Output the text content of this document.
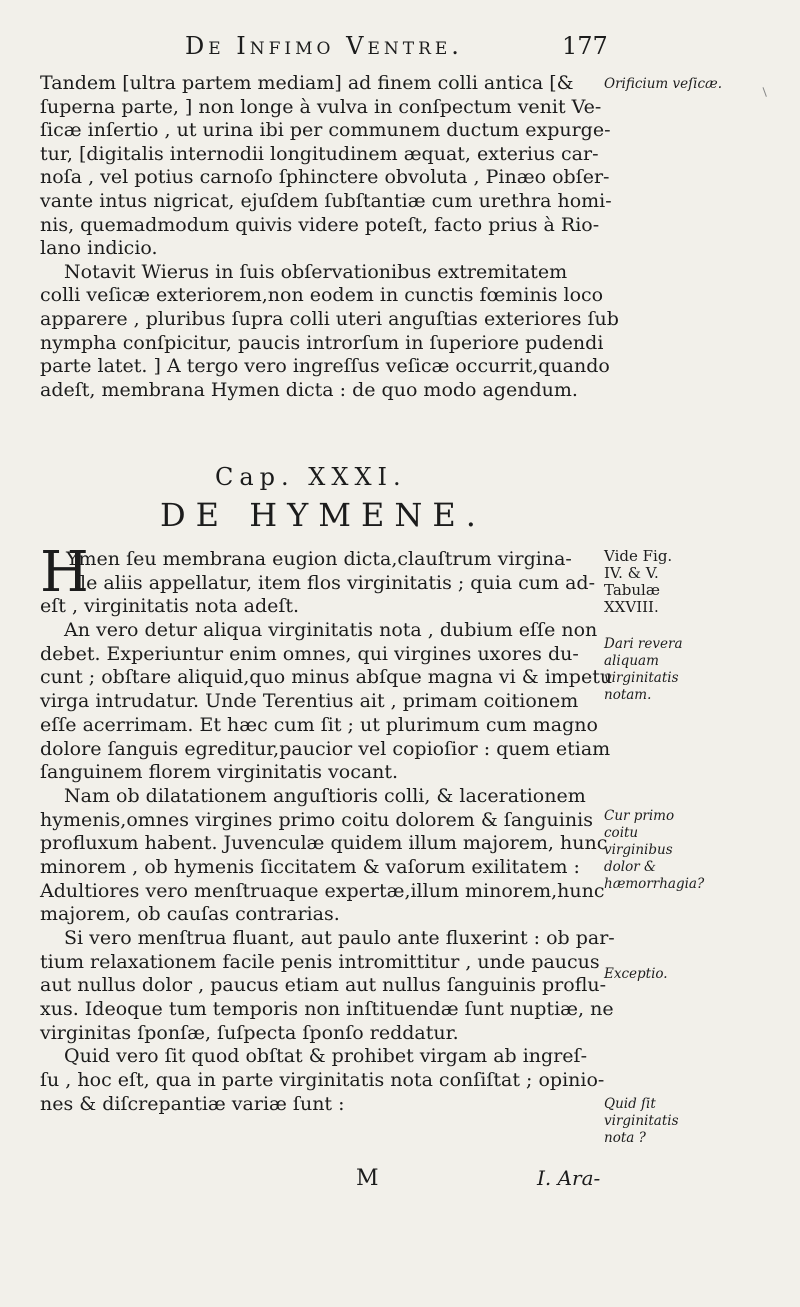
De Infimo Ventre.	177
Tandem [ultra partem mediam] ad finem colli antica [&
ſuperna parte, ] non longe à vulva in conſpectum venit Ve-
ſicæ inſertio , ut urina ibi per communem ductum expurge-
tur, [digitalis internodii longitudinem æquat, exterius car-
noſa , vel potius carnoſo ſphinctere obvoluta , Pinæo obſer-
vante intus nigricat, ejuſdem ſubſtantiæ cum urethra homi-
nis, quemadmodum quivis videre poteſt, facto prius à Rio-
lano indicio.
Notavit Wierus in ſuis obſervationibus extremitatem
colli veſicæ exteriorem,non eodem in cunctis fœminis loco
apparere , pluribus ſupra colli uteri anguſtias exteriores ſub
nympha conſpicitur, paucis introrſum in ſuperiore pudendi
parte latet. ] A tergo vero ingreſſus veſicæ occurrit,quando
adeſt, membrana Hymen dicta : de quo modo agendum.
Cap. XXXI.
DE HYMENE.
H
Ymen ſeu membrana eugion dicta,clauſtrum virgina-
le aliis appellatur, item flos virginitatis ; quia cum ad-
eſt , virginitatis nota adeſt.
An vero detur aliqua virginitatis nota , dubium eſſe non
debet. Experiuntur enim omnes, qui virgines uxores du-
cunt ; obſtare aliquid,quo minus abſque magna vi & impetu
virga intrudatur. Unde Terentius ait , primam coitionem
eſſe acerrimam. Et hæc cum ſit ; ut plurimum cum magno
dolore ſanguis egreditur,paucior vel copioſior : quem etiam
ſanguinem florem virginitatis vocant.
Nam ob dilatationem anguſtioris colli, & lacerationem
hymenis,omnes virgines primo coitu dolorem & ſanguinis
profluxum habent. Juvenculæ quidem illum majorem, hunc
minorem , ob hymenis ſiccitatem & vaſorum exilitatem :
Adultiores vero menſtruaque expertæ,illum minorem,hunc
majorem, ob cauſas contrarias.
Si vero menſtrua fluant, aut paulo ante fluxerint : ob par-
tium relaxationem facile penis intromittitur , unde paucus
aut nullus dolor , paucus etiam aut nullus ſanguinis proflu-
xus. Ideoque tum temporis non inſtituendæ ſunt nuptiæ, ne
virginitas ſponſæ, ſuſpecta ſponſo reddatur.
Quid vero ſit quod obſtat & prohibet virgam ab ingreſ-
ſu , hoc eſt, qua in parte virginitatis nota conſiſtat ; opinio-
nes & diſcrepantiæ variæ ſunt :
Orificium veſicæ.
Vide Fig. IV. & V. Tabulæ XXVIII.
Dari revera aliquam virginitatis notam.
Cur primo coitu virginibus dolor & hæmorrhagia?
Exceptio.
Quid ſit virginitatis nota ?
M	I. Ara-
